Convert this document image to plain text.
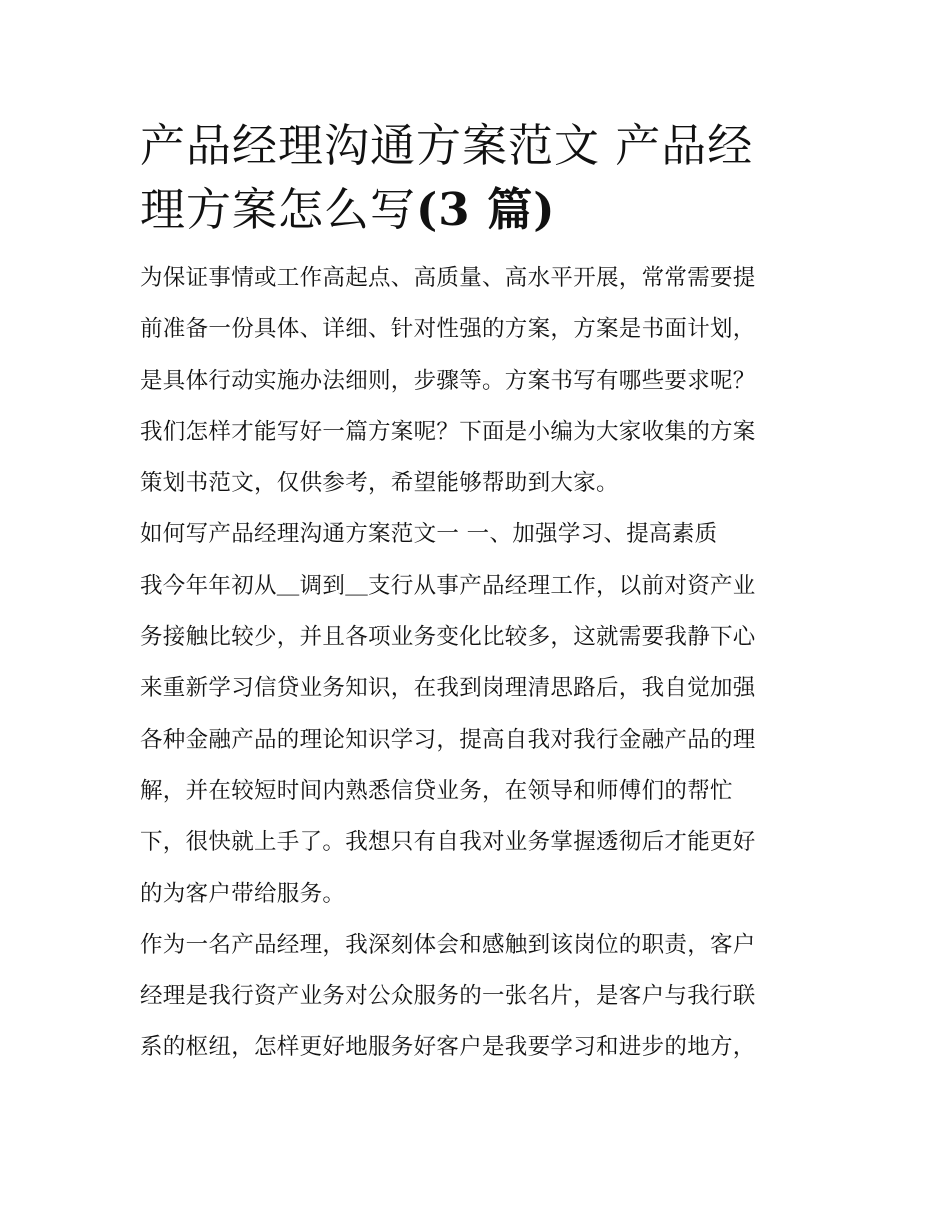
产品经理沟通方案范文 产品经
理方案怎么写(3 篇)

为保证事情或工作高起点、高质量、高水平开展，常常需要提
前准备一份具体、详细、针对性强的方案，方案是书面计划，
是具体行动实施办法细则，步骤等。方案书写有哪些要求呢？
我们怎样才能写好一篇方案呢？下面是小编为大家收集的方案
策划书范文，仅供参考，希望能够帮助到大家。

如何写产品经理沟通方案范文一 一、加强学习、提高素质

我今年年初从＿调到＿支行从事产品经理工作，以前对资产业
务接触比较少，并且各项业务变化比较多，这就需要我静下心
来重新学习信贷业务知识，在我到岗理清思路后，我自觉加强
各种金融产品的理论知识学习，提高自我对我行金融产品的理
解，并在较短时间内熟悉信贷业务，在领导和师傅们的帮忙
下，很快就上手了。我想只有自我对业务掌握透彻后才能更好
的为客户带给服务。

作为一名产品经理，我深刻体会和感触到该岗位的职责，客户
经理是我行资产业务对公众服务的一张名片，是客户与我行联
系的枢纽，怎样更好地服务好客户是我要学习和进步的地方，
